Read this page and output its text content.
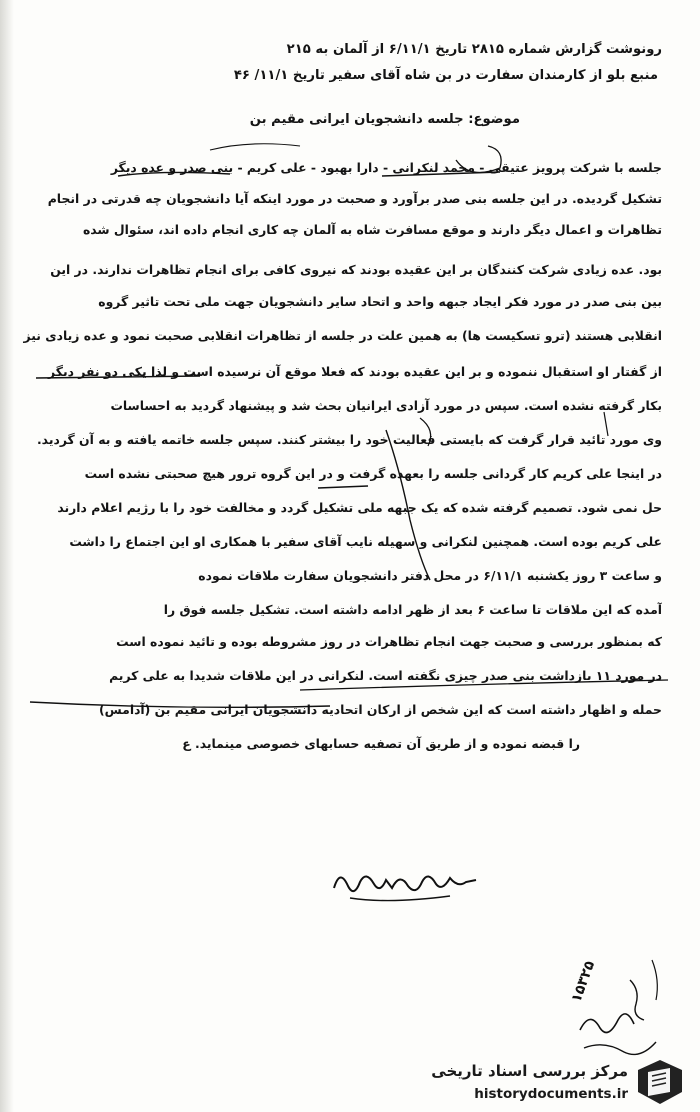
رونوشت گزارش شماره ۲۸۱۵ تاریخ ۶/۱۱/۱ از آلمان به ۲۱۵
منبع بلو از کارمندان سفارت در بن شاه آقای سفیر تاریخ ۱۱/۱/ ۴۶
موضوع: جلسه دانشجویان ایرانی مقیم بن
جلسه با شرکت پرویز عتیقی - محمد لنکرانی - دارا بهبود - علی کریم - بنی صدر و عده دیگر
تشکیل گردیده. در این جلسه بنی صدر برآورد و صحبت در مورد اینکه آیا دانشجویان چه قدرتی در انجام
تظاهرات و اعمال دیگر دارند و موقع مسافرت شاه به آلمان چه کاری انجام داده اند، سئوال شده
بود. عده زیادی شرکت کنندگان بر این عقیده بودند که نیروی کافی برای انجام تظاهرات ندارند. در این
بین بنی صدر در مورد فکر ایجاد جبهه واحد و اتحاد سایر دانشجویان جهت ملی تحت تاثیر گروه
انقلابی هستند (ترو تسکیست ها) به همین علت در جلسه از تظاهرات انقلابی صحبت نمود و عده زیادی نیز
از گفتار او استقبال ننموده و بر این عقیده بودند که فعلا موقع آن نرسیده است و لذا یکی دو نفر دیگر
بکار گرفته نشده است. سپس در مورد آزادی ایرانیان بحث شد و پیشنهاد گردید به احساسات
وی مورد تائید قرار گرفت که بایستی فعالیت خود را بیشتر کنند. سپس جلسه خاتمه یافته و به آن گردید.
در اینجا علی کریم کار گردانی جلسه را بعهده گرفت و در این گروه ترور هیچ صحبتی نشده است
حل نمی شود. تصمیم گرفته شده که یک جبهه ملی تشکیل گردد و مخالفت خود را با رژیم اعلام دارند
علی کریم بوده است. همچنین لنکرانی و سهیله نایب آقای سفیر با همکاری او این اجتماع را داشت
و ساعت ۳ روز یکشنبه ۶/۱۱/۱ در محل دفتر دانشجویان سفارت ملاقات نموده
آمده که این ملاقات تا ساعت ۶ بعد از ظهر ادامه داشته است. تشکیل جلسه فوق را
که بمنظور بررسی و صحبت جهت انجام تظاهرات در روز مشروطه بوده و تائید نموده است
در مورد ۱۱ بازداشت بنی صدر چیزی نگفته است. لنکرانی در این ملاقات شدیدا به علی کریم
حمله و اظهار داشته است که این شخص از ارکان اتحادیه دانشجویان ایرانی مقیم بن (آدامس)
را قبضه نموده و از طریق آن تصفیه حسابهای خصوصی مینماید. ع
بتقاضای رئیس تیم ۴۳ بره
۱۵۳۲۵
مرکز بررسی اسناد تاریخی
historydocuments.ir
